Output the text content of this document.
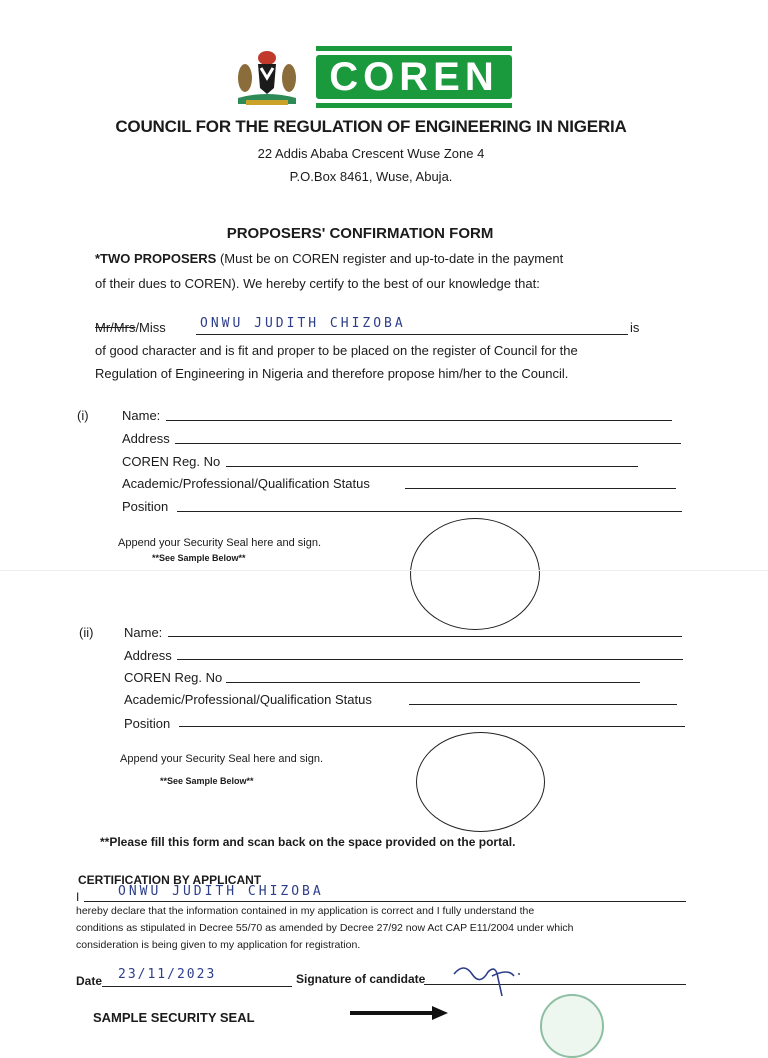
COREN
COUNCIL FOR THE REGULATION OF ENGINEERING IN NIGERIA
22 Addis Ababa Crescent Wuse Zone 4
P.O.Box 8461, Wuse, Abuja.
PROPOSERS' CONFIRMATION FORM
*TWO PROPOSERS (Must be on COREN register and up-to-date in the payment
of their dues to COREN). We hereby certify to the best of our knowledge that:
Mr/Mrs/Miss	ONWU JUDITH CHIZOBA	is
of good character and is fit and proper to be placed on the register of Council for the
Regulation of Engineering in Nigeria and therefore propose him/her to the Council.
(i)	Name:
Address
COREN Reg. No
Academic/Professional/Qualification Status
Position
Append your Security Seal here and sign.
**See Sample Below**
(ii) Name:
Address
COREN Reg. No
Academic/Professional/Qualification Status
Position
Append your Security Seal here and sign.
**See Sample Below**
**Please fill this form and scan back on the space provided on the portal.
CERTIFICATION BY APPLICANT
I	ONWU JUDITH CHIZOBA
hereby declare that the information contained in my application is correct and I fully understand the
conditions as stipulated in Decree 55/70 as amended by Decree 27/92 now Act CAP E11/2004 under which
consideration is being given to my application for registration.
Date 23/11/2023	Signature of candidate
SAMPLE SECURITY SEAL
